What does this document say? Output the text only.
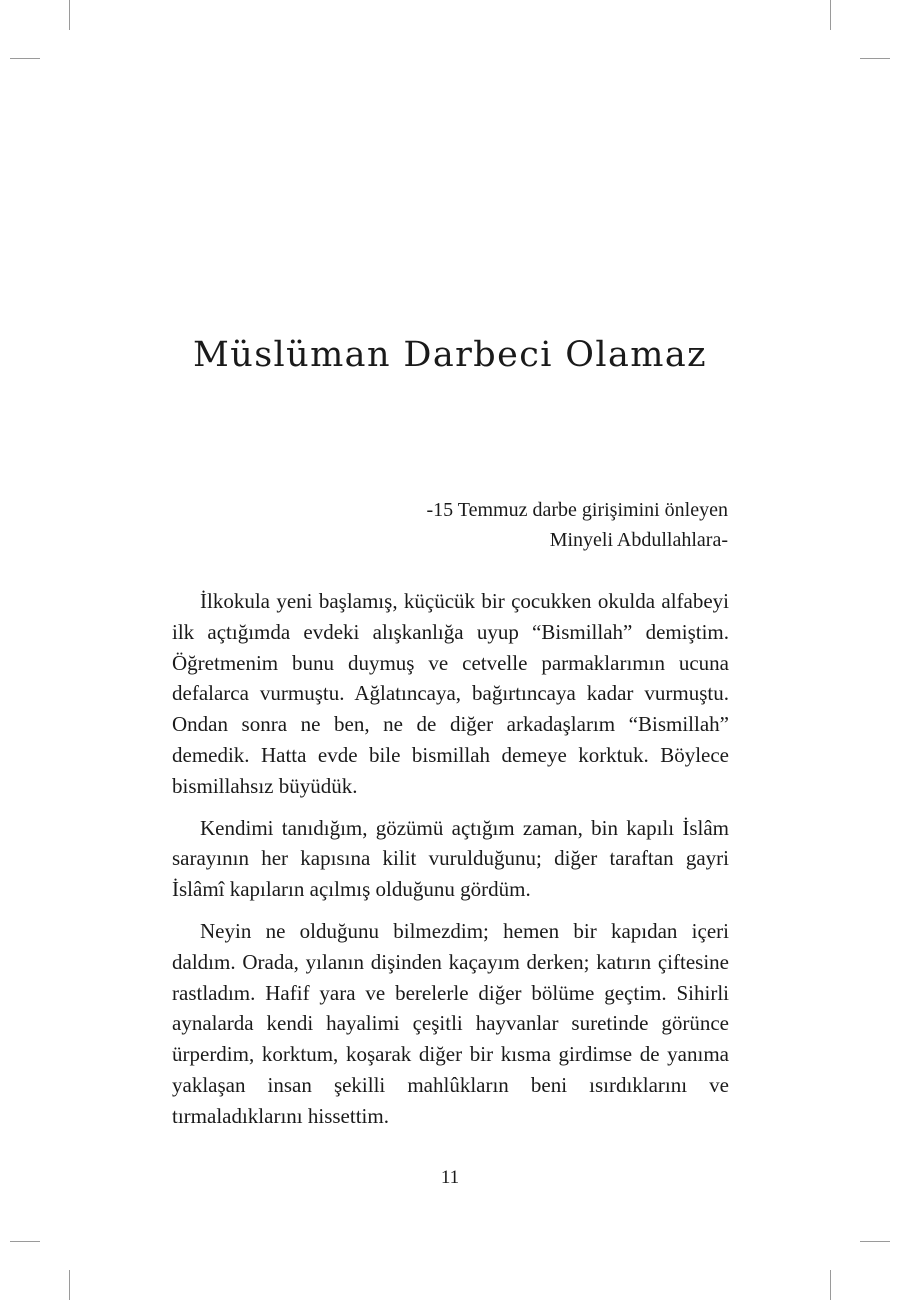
Müslüman Darbeci Olamaz
-15 Temmuz darbe girişimini önleyen
Minyeli Abdullahlara-

İlkokula yeni başlamış, küçücük bir çocukken okulda alfabeyi ilk açtığımda evdeki alışkanlığa uyup “Bismillah” demiştim. Öğretmenim bunu duymuş ve cetvelle parmaklarımın ucuna defalarca vurmuştu. Ağlatıncaya, bağırtıncaya kadar vurmuştu. Ondan sonra ne ben, ne de diğer arkadaşlarım “Bismillah” demedik. Hatta evde bile bismillah demeye korktuk. Böylece bismillahsız büyüdük.

Kendimi tanıdığım, gözümü açtığım zaman, bin kapılı İslâm sarayının her kapısına kilit vurulduğunu; diğer taraftan gayri İslâmî kapıların açılmış olduğunu gördüm.

Neyin ne olduğunu bilmezdim; hemen bir kapıdan içeri daldım. Orada, yılanın dişinden kaçayım derken; katırın çiftesine rastladım. Hafif yara ve berelerle diğer bölüme geçtim. Sihirli aynalarda kendi hayalimi çeşitli hayvanlar suretinde görünce ürperdim, korktum, koşarak diğer bir kısma girdimse de yanıma yaklaşan insan şekilli mahlûkların beni ısırdıklarını ve tırmaladıklarını hissettim.

11
